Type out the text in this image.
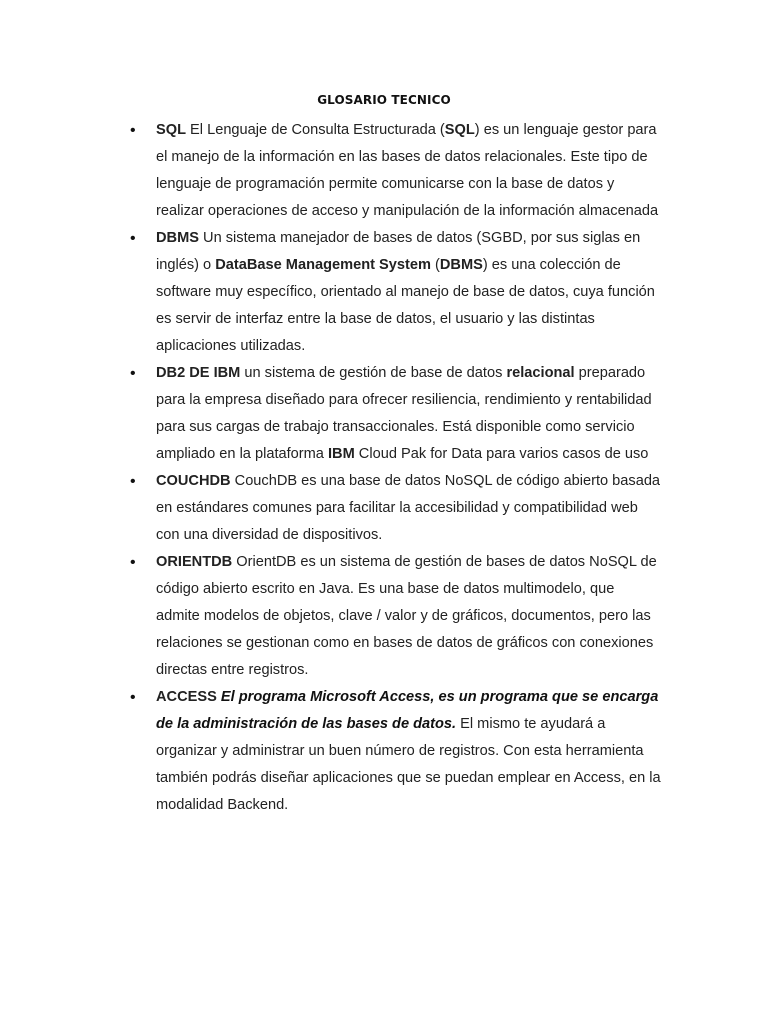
GLOSARIO TECNICO
•	SQL El Lenguaje de Consulta Estructurada (SQL) es un lenguaje gestor para el manejo de la información en las bases de datos relacionales. Este tipo de lenguaje de programación permite comunicarse con la base de datos y realizar operaciones de acceso y manipulación de la información almacenada
•	DBMS Un sistema manejador de bases de datos (SGBD, por sus siglas en inglés) o DataBase Management System (DBMS) es una colección de software muy específico, orientado al manejo de base de datos, cuya función es servir de interfaz entre la base de datos, el usuario y las distintas aplicaciones utilizadas.
•	DB2 DE IBM un sistema de gestión de base de datos relacional preparado para la empresa diseñado para ofrecer resiliencia, rendimiento y rentabilidad para sus cargas de trabajo transaccionales. Está disponible como servicio ampliado en la plataforma IBM Cloud Pak for Data para varios casos de uso
•	COUCHDB CouchDB es una base de datos NoSQL de código abierto basada en estándares comunes para facilitar la accesibilidad y compatibilidad web con una diversidad de dispositivos.
•	ORIENTDB OrientDB es un sistema de gestión de bases de datos NoSQL de código abierto escrito en Java. Es una base de datos multimodelo, que admite modelos de objetos, clave / valor y de gráficos, documentos, pero las relaciones se gestionan como en bases de datos de gráficos con conexiones directas entre registros.
•	ACCESS El programa Microsoft Access, es un programa que se encarga de la administración de las bases de datos. El mismo te ayudará a organizar y administrar un buen número de registros. Con esta herramienta también podrás diseñar aplicaciones que se puedan emplear en Access, en la modalidad Backend.
